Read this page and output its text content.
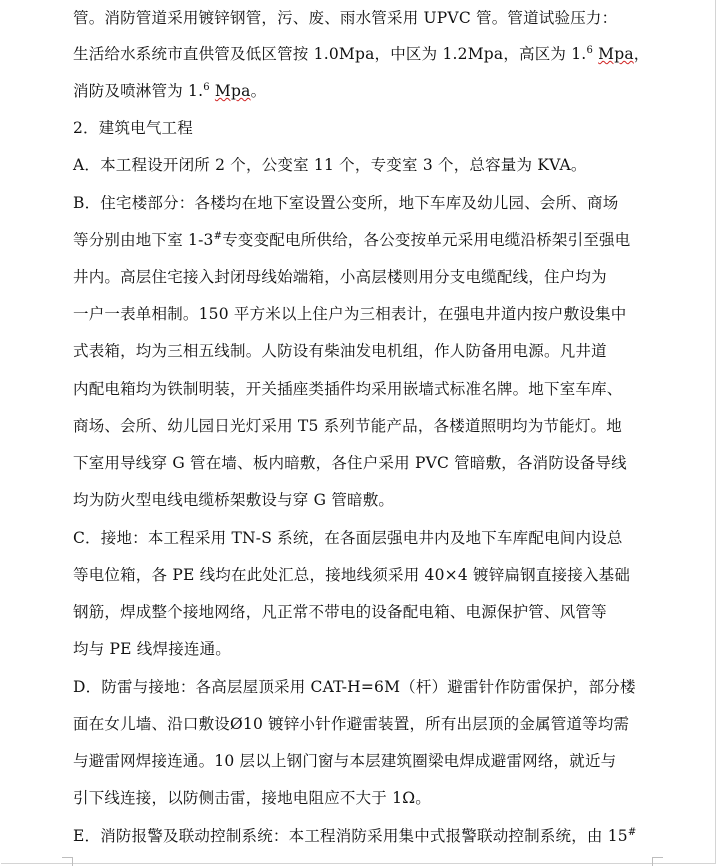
管。消防管道采用镀锌钢管，污、废、雨水管采用 UPVC 管。管道试验压力：
生活给水系统市直供管及低区管按 1.0Mpa，中区为 1.2Mpa，高区为 1.$^6$ Mpa，
消防及喷淋管为 1.$^6$ Mpa。
2．建筑电气工程
A．本工程设开闭所 2 个，公变室 11 个，专变室 3 个，总容量为 KVA。
B．住宅楼部分：各楼均在地下室设置公变所，地下车库及幼儿园、会所、商场
等分别由地下室 1-3#专变变配电所供给，各公变按单元采用电缆沿桥架引至强电
井内。高层住宅接入封闭母线始端箱，小高层楼则用分支电缆配线，住户均为
一户一表单相制。150 平方米以上住户为三相表计，在强电井道内按户敷设集中
式表箱，均为三相五线制。人防设有柴油发电机组，作人防备用电源。凡井道
内配电箱均为铁制明装，开关插座类插件均采用嵌墙式标准名牌。地下室车库、
商场、会所、幼儿园日光灯采用 T5 系列节能产品，各楼道照明均为节能灯。地
下室用导线穿 G 管在墙、板内暗敷，各住户采用 PVC 管暗敷，各消防设备导线
均为防火型电线电缆桥架敷设与穿 G 管暗敷。
C．接地：本工程采用 TN-S 系统，在各面层强电井内及地下车库配电间内设总
等电位箱，各 PE 线均在此处汇总，接地线须采用 40×4 镀锌扁钢直接接入基础
钢筋，焊成整个接地网络，凡正常不带电的设备配电箱、电源保护管、风管等
均与 PE 线焊接连通。
D．防雷与接地：各高层屋顶采用 CAT-H=6M（杆）避雷针作防雷保护，部分楼
面在女儿墙、沿口敷设Ø10 镀锌小针作避雷装置，所有出层顶的金属管道等均需
与避雷网焊接连通。10 层以上钢门窗与本层建筑圈梁电焊成避雷网络，就近与
引下线连接，以防侧击雷，接地电阻应不大于 1Ω。
E．消防报警及联动控制系统：本工程消防采用集中式报警联动控制系统，由 15#
